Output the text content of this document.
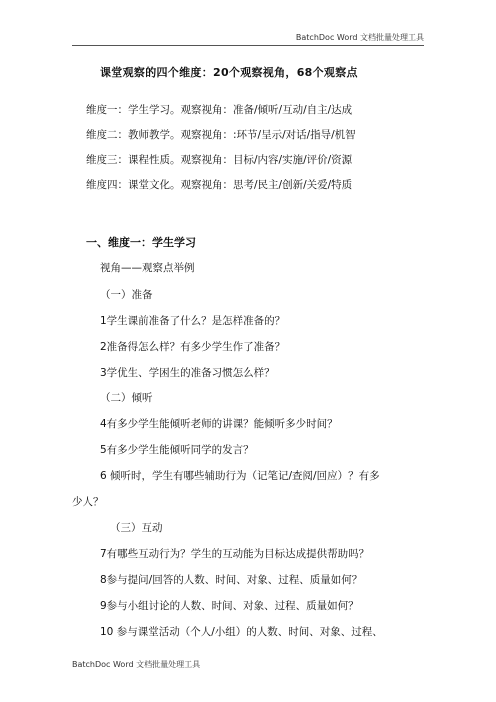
BatchDoc Word 文档批量处理工具
课堂观察的四个维度：20个观察视角，68个观察点
维度一：学生学习。观察视角：准备/倾听/互动/自主/达成
维度二：教师教学。观察视角：:环节/呈示/对话/指导/机智
维度三：课程性质。观察视角：目标/内容/实施/评价/资源
维度四：课堂文化。观察视角：思考/民主/创新/关爱/特质
一、维度一：学生学习
视角——观察点举例
（一）准备
1学生课前准备了什么？是怎样准备的？
2准备得怎么样？有多少学生作了准备？
3学优生、学困生的准备习惯怎么样？
（二）倾听
4有多少学生能倾听老师的讲课？能倾听多少时间？
5有多少学生能倾听同学的发言？
6 倾听时，学生有哪些辅助行为（记笔记/查阅/回应）？有多
少人？
（三）互动
7有哪些互动行为？学生的互动能为目标达成提供帮助吗？
8参与提问/回答的人数、时间、对象、过程、质量如何？
9参与小组讨论的人数、时间、对象、过程、质量如何？
10 参与课堂活动（个人/小组）的人数、时间、对象、过程、
BatchDoc Word 文档批量处理工具
